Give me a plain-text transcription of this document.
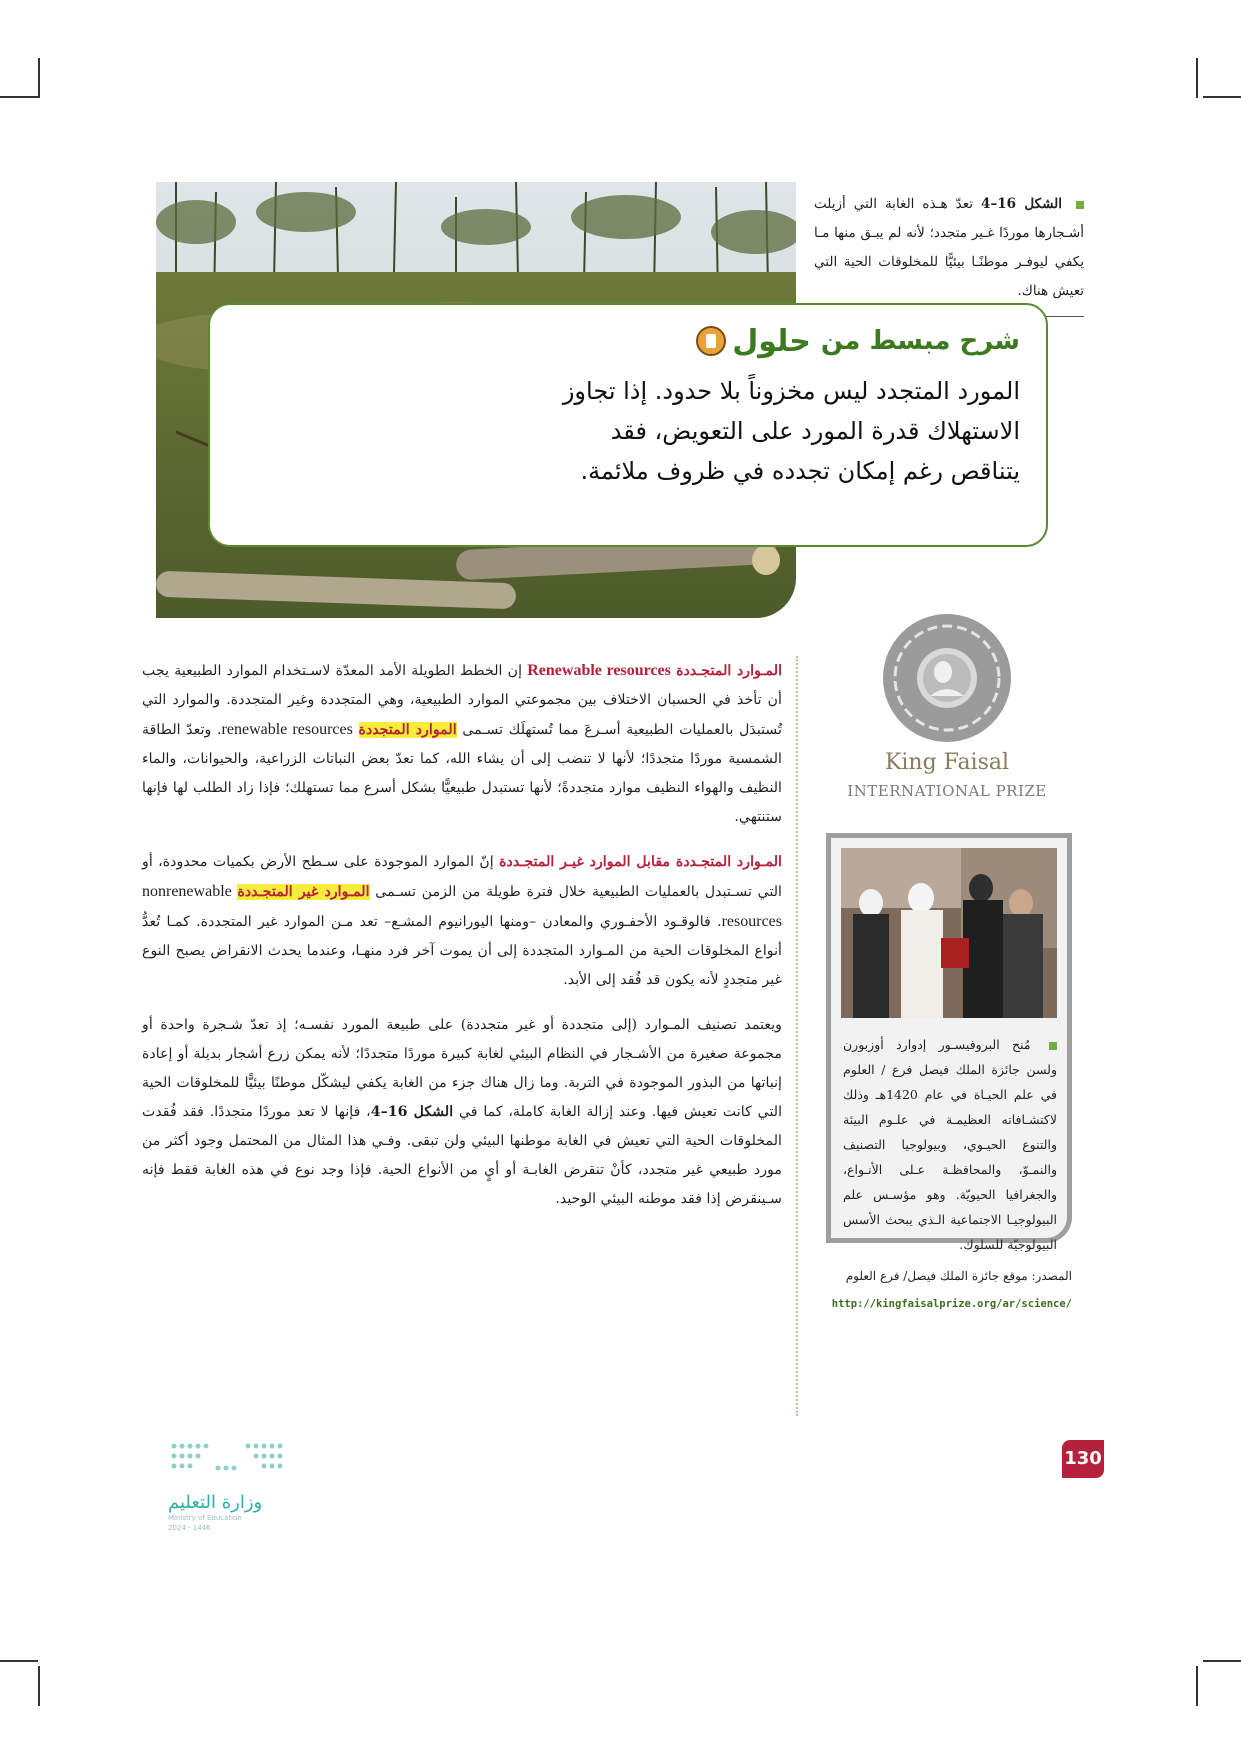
الشكل 16–4 تعدّ هـذه الغابة التي أزيلت أشـجارها موردًا غـير متجدد؛ لأنه لم يبـق منها مـا يكفي ليوفـر موطنًـا بيئيًّا للمخلوقات الحية التي تعيش هناك.
شرح مبسط من
حلول
المورد المتجدد ليس مخزوناً بلا حدود. إذا تجاوز
الاستهلاك قدرة المورد على التعويض، فقد
يتناقص رغم إمكان تجدده في ظروف ملائمة.
King Faisal
INTERNATIONAL PRIZE
مُنح البروفيسـور إدوارد أوزبورن ولسن جائزة الملك فيصل فرع / العلوم في علم الحيـاة في عام 1420هـ وذلك لاكتشـافاته العظيمـة في علـوم البيئة والتنوع الحيـوي، وبيولوجيا التصنيف والنمـوّ، والمحافظـة عـلى الأنـواع، والجغرافيا الحيويّة. وهو مؤسـس علم البيولوجيـا الاجتماعية الـذي يبحث الأسس البيولوجيّة للسلوك.
المصدر: موقع جائزة الملك فيصل/ فرع العلوم
http://kingfaisalprize.org/ar/science/

المـوارد المتجـددة Renewable resources إن الخطط الطويلة الأمد المعدّة لاسـتخدام الموارد الطبيعية يجب أن تأخذ في الحسبان الاختلاف بين مجموعتي الموارد الطبيعية، وهي المتجددة وغير المتجددة. والموارد التي تُستبدَل بالعمليات الطبيعية أسـرعَ مما تُستهلَك تسـمى الموارد المتجددة renewable resources. وتعدّ الطاقة الشمسية موردًا متجددًا؛ لأنها لا تنضب إلى أن يشاء الله، كما تعدّ بعض النباتات الزراعية، والحيوانات، والماء النظيف والهواء النظيف موارد متجددةً؛ لأنها تستبدل طبيعيًّا بشكل أسرع مما تستهلك؛ فإذا زاد الطلب لها فإنها ستنتهي.

المـوارد المتجـددة مقابل الموارد غيـر المتجـددة إنّ الموارد الموجودة على سـطح الأرض بكميات محدودة، أو التي تسـتبدل بالعمليات الطبيعية خلال فترة طويلة من الزمن تسـمى المـوارد غير المتجـددة nonrenewable resources. فالوقـود الأحفـوري والمعادن –ومنها اليورانيوم المشـع– تعد مـن الموارد غير المتجددة. كمـا تُعدُّ أنواع المخلوقات الحية من المـوارد المتجددة إلى أن يموت آخر فرد منهـا، وعندما يحدث الانقراض يصبح النوع غير متجددٍ لأنه يكون قد فُقد إلى الأبد.

ويعتمد تصنيف المـوارد (إلى متجددة أو غير متجددة) على طبيعة المورد نفسـه؛ إذ تعدّ شـجرة واحدة أو مجموعة صغيرة من الأشـجار في النظام البيئي لغابة كبيرة موردًا متجددًا؛ لأنه يمكن زرع أشجار بديلة أو إعادة إنباتها من البذور الموجودة في التربة. وما زال هناك جزء من الغابة يكفي ليشكّل موطنًا بيئيًّا للمخلوقات الحية التي كانت تعيش فيها. وعند إزالة الغابة كاملة، كما في الشكل 16–4، فإنها لا تعد موردًا متجددًا. فقد فُقدت المخلوقات الحية التي تعيش في الغابة موطنها البيئي ولن تبقى. وفـي هذا المثال من المحتمل وجود أكثر من مورد طبيعي غير متجدد، كأنْ تنقرض الغابـة أو أيٍ من الأنواع الحية. فإذا وجد نوع في هذه الغابة فقط فإنه سـينقرض إذا فقد موطنه البيئي الوحيد.

وزارة التعليم
Ministry of Education
2024 - 1446
130
